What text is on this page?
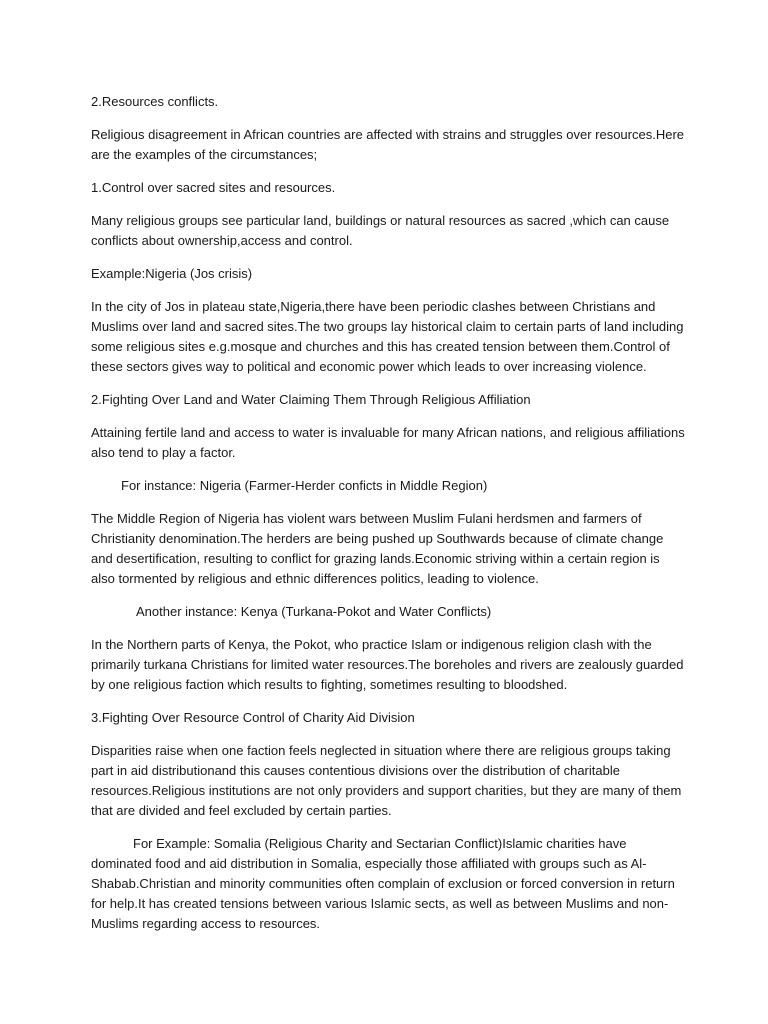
2.Resources conflicts.

Religious disagreement in African countries are affected with strains and struggles over resources.Here are the examples of the circumstances;

1.Control over sacred sites and resources.

Many religious groups see particular land, buildings or natural resources as sacred ,which can cause conflicts about ownership,access and control.

Example:Nigeria (Jos crisis)

In the city of Jos in plateau state,Nigeria,there have been periodic clashes between Christians and Muslims over land and sacred sites.The two groups lay historical claim to certain parts of land including some religious sites e.g.mosque and churches and this has created tension between them.Control of these sectors gives way to political and economic power which leads to over increasing violence.

2.Fighting Over Land and Water Claiming Them Through Religious Affiliation

Attaining fertile land and access to water is invaluable for many African nations, and religious affiliations also tend to play a factor.

For instance: Nigeria (Farmer-Herder conficts in Middle Region)

The Middle Region of Nigeria has violent wars between Muslim Fulani herdsmen and farmers of Christianity denomination.The herders are being pushed up Southwards because of climate change and desertification, resulting to conflict for grazing lands.Economic striving within a certain region is also tormented by religious and ethnic differences politics, leading to violence.

Another instance: Kenya (Turkana-Pokot and Water Conflicts)

In the Northern parts of Kenya, the Pokot, who practice Islam or indigenous religion clash with the primarily turkana Christians for limited water resources.The boreholes and rivers are zealously guarded by one religious faction which results to fighting, sometimes resulting to bloodshed.

3.Fighting Over Resource Control of Charity Aid Division

Disparities raise when one faction feels neglected in situation where there are religious groups taking part in aid distributionand this causes contentious divisions over the distribution of charitable resources.Religious institutions are not only providers and support charities, but they are many of them that are divided and feel excluded by certain parties.

For Example: Somalia (Religious Charity and Sectarian Conflict)Islamic charities have dominated food and aid distribution in Somalia, especially those affiliated with groups such as Al-Shabab.Christian and minority communities often complain of exclusion or forced conversion in return for help.It has created tensions between various Islamic sects, as well as between Muslims and non-Muslims regarding access to resources.
